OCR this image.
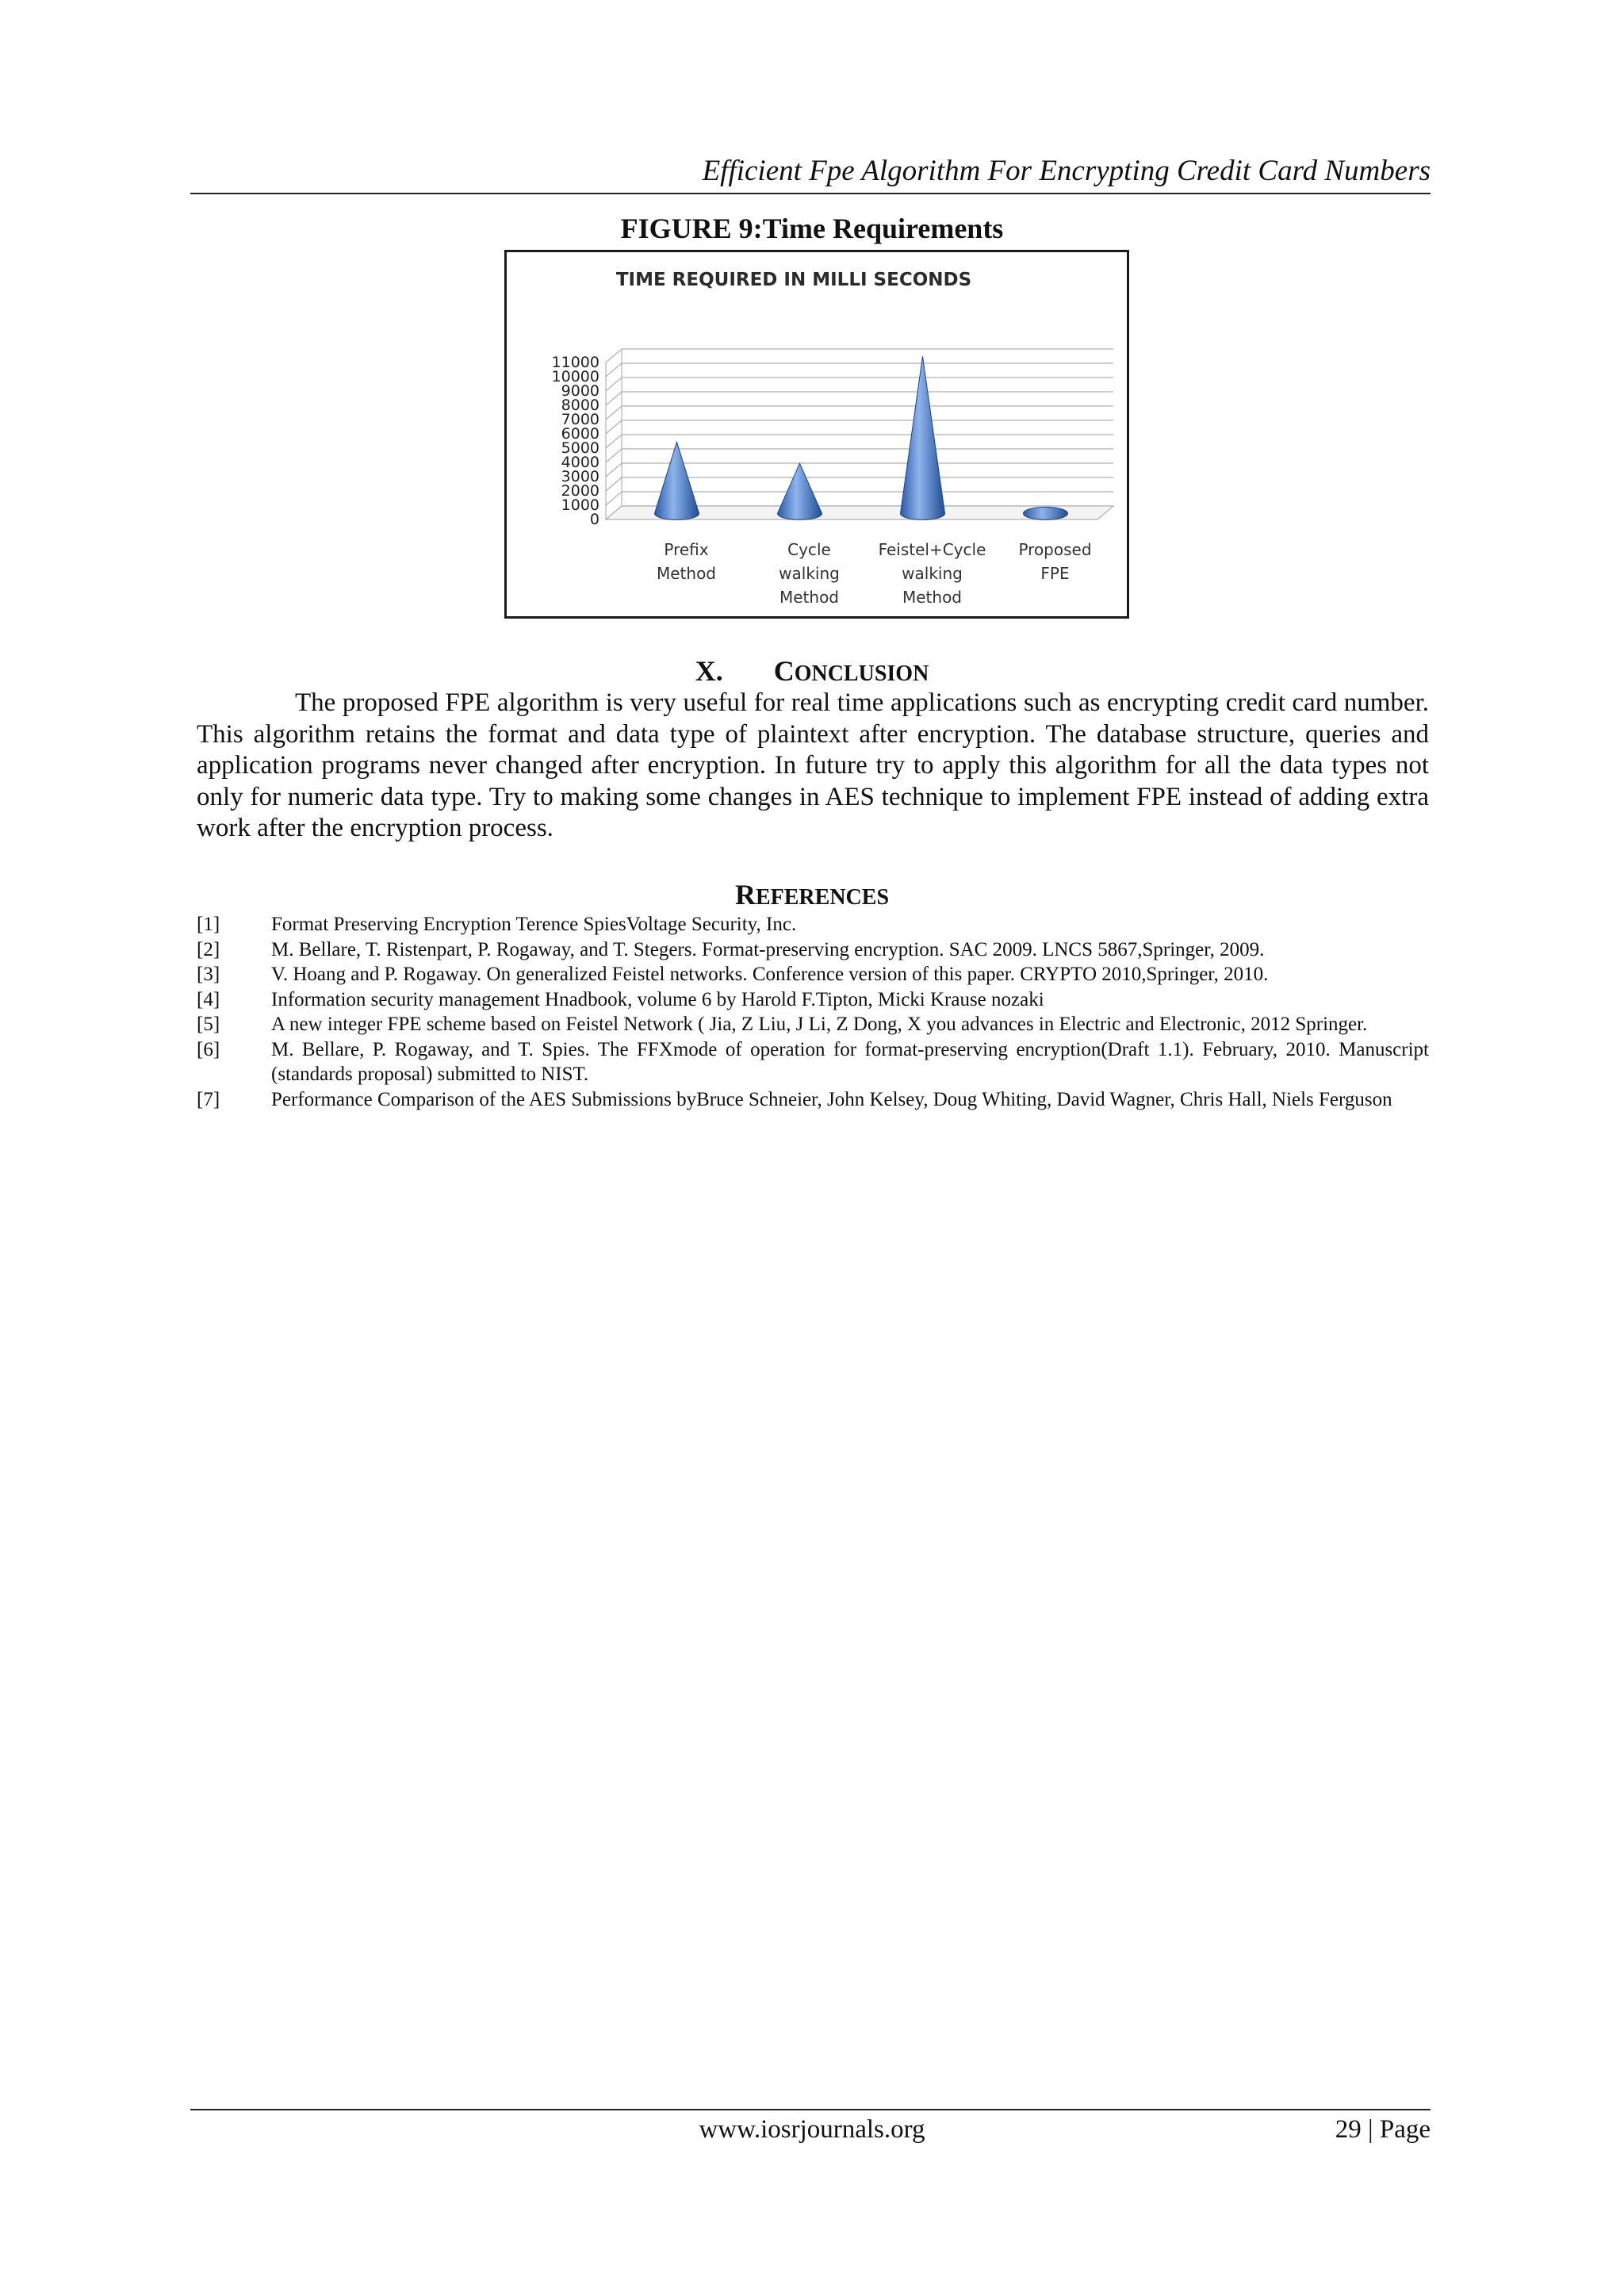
Efficient Fpe Algorithm For Encrypting Credit Card Numbers
FIGURE 9:Time Requirements
TIME REQUIRED IN MILLI SECONDS
0
1000
2000
3000
4000
5000
6000
7000
8000
9000
10000
11000
Prefix
Method
Cycle
walking
Method
Feistel+Cycle
walking
Method
Proposed
FPE
X. CONCLUSION

The proposed FPE algorithm is very useful for real time applications such as encrypting credit card number. This algorithm retains the format and data type of plaintext after encryption. The database structure, queries and application programs never changed after encryption. In future try to apply this algorithm for all the data types not only for numeric data type. Try to making some changes in AES technique to implement FPE instead of adding extra work after the encryption process.

REFERENCES
[1]	Format Preserving Encryption Terence SpiesVoltage Security, Inc.
[2]	M. Bellare, T. Ristenpart, P. Rogaway, and T. Stegers. Format-preserving encryption. SAC 2009. LNCS 5867,Springer, 2009.
[3]	V. Hoang and P. Rogaway. On generalized Feistel networks. Conference version of this paper. CRYPTO 2010,Springer, 2010.
[4]	Information security management Hnadbook, volume 6 by Harold F.Tipton, Micki Krause nozaki
[5]	A new integer FPE scheme based on Feistel Network ( Jia, Z Liu, J Li, Z Dong, X you advances in Electric and Electronic, 2012 Springer.
[6]	M. Bellare, P. Rogaway, and T. Spies. The FFXmode of operation for format-preserving encryption(Draft 1.1). February, 2010. Manuscript (standards proposal) submitted to NIST.
[7]	Performance Comparison of the AES Submissions byBruce Schneier, John Kelsey, Doug Whiting, David Wagner, Chris Hall, Niels Ferguson
www.iosrjournals.org	29 | Page
